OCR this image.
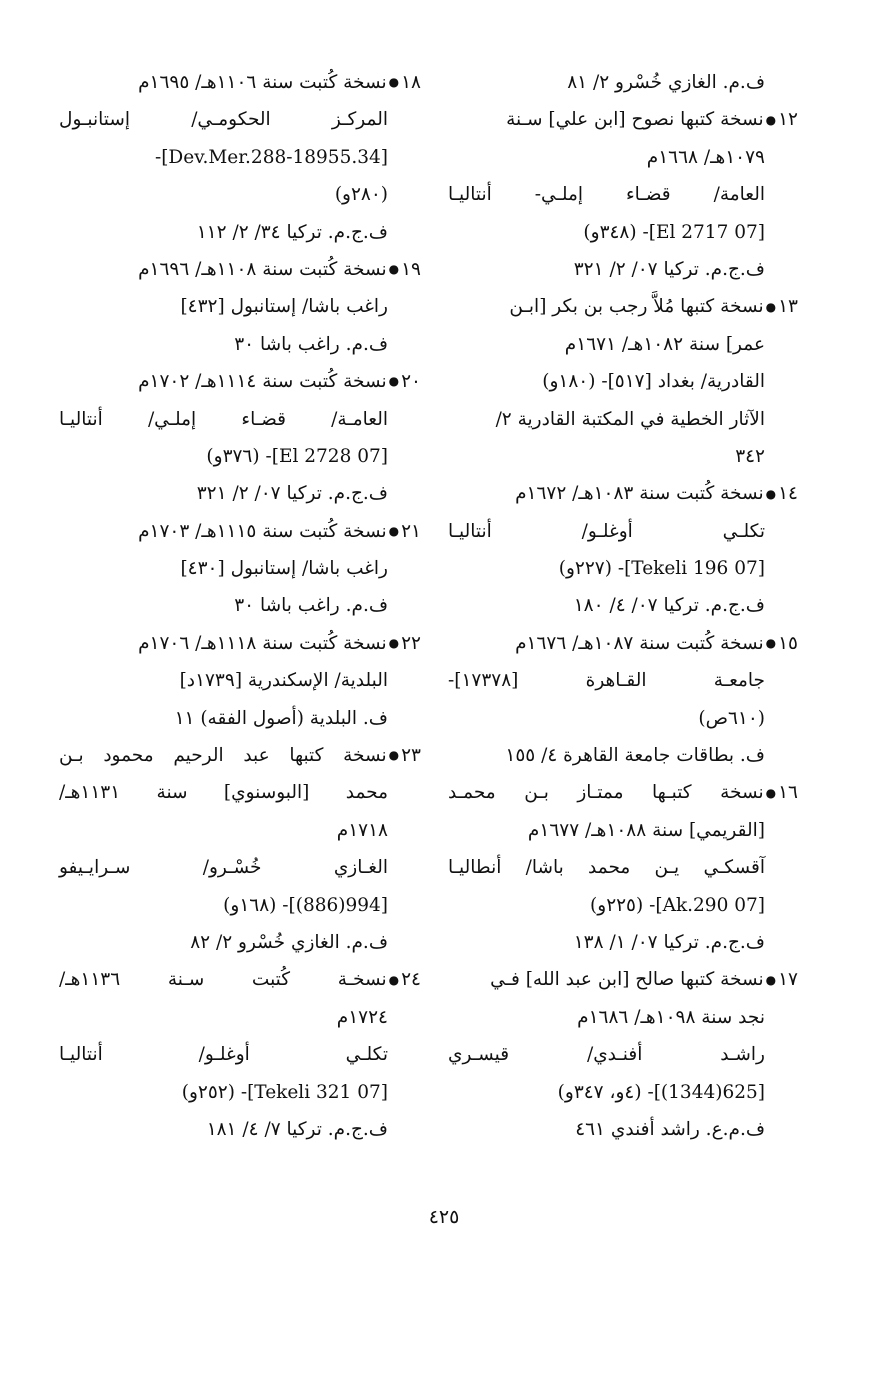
ف.م. الغازي خُسْرو ٢/ ٨١
١٢●نسخة كتبها نصوح [ابن علي] سـنة
١٠٧٩هـ/ ١٦٦٨م
العامة/ قضـاء إملـي- أنتاليـا
[07 El 2717]- (٣٤٨و)
ف.ج.م. تركيا ٠٧/ ٢/ ٣٢١
١٣●نسخة كتبها مُلاَّ رجب بن بكر [ابـن
عمر] سنة ١٠٨٢هـ/ ١٦٧١م
القادرية/ بغداد [٥١٧]- (١٨٠و)
الآثار الخطية في المكتبة القادرية ٢/
٣٤٢
١٤●نسخة كُتبت سنة ١٠٨٣هـ/ ١٦٧٢م
تكلـي أوغلـو/ أنتاليـا
[07 Tekeli 196]- (٢٢٧و)
ف.ج.م. تركيا ٠٧/ ٤/ ١٨٠
١٥●نسخة كُتبت سنة ١٠٨٧هـ/ ١٦٧٦م
جامعـة القـاهرة [١٧٣٧٨]-
(٦١٠ص)
ف. بطاقات جامعة القاهرة ٤/ ١٥٥
١٦●نسخة كتبـها ممتـاز بـن محمـد
[القريمي] سنة ١٠٨٨هـ/ ١٦٧٧م
آقسكـي يـن محمد باشا/ أنطاليـا
[07 Ak.290]- (٢٢٥و)
ف.ج.م. تركيا ٠٧/ ١/ ١٣٨
١٧●نسخة كتبها صالح [ابن عبد الله] فـي
نجد سنة ١٠٩٨هـ/ ١٦٨٦م
راشـد أفنـدي/ قيسـري
[625(1344)]- (٤و، ٣٤٧و)
ف.م.ع. راشد أفندي ٤٦١
١٨●نسخة كُتبت سنة ١١٠٦هـ/ ١٦٩٥م
المركـز الحكومـي/ إستانبـول
[34.Dev.Mer.288-18955]-
(٢٨٠و)
ف.ج.م. تركيا ٣٤/ ٢/ ١١٢
١٩●نسخة كُتبت سنة ١١٠٨هـ/ ١٦٩٦م
راغب باشا/ إستانبول [٤٣٢]
ف.م. راغب باشا ٣٠
٢٠●نسخة كُتبت سنة ١١١٤هـ/ ١٧٠٢م
العامـة/ قضـاء إملـي/ أنتاليـا
[07 El 2728]- (٣٧٦و)
ف.ج.م. تركيا ٠٧/ ٢/ ٣٢١
٢١●نسخة كُتبت سنة ١١١٥هـ/ ١٧٠٣م
راغب باشا/ إستانبول [٤٣٠]
ف.م. راغب باشا ٣٠
٢٢●نسخة كُتبت سنة ١١١٨هـ/ ١٧٠٦م
البلدية/ الإسكندرية [١٧٣٩د]
ف. البلدية (أصول الفقه) ١١
٢٣●نسخة كتبها عبد الرحيم محمود بـن
محمد [البوسنوي] سنة ١١٣١هـ/
١٧١٨م
الغـازي خُسْـرو/ سـرايـيفو
[994(886)]- (١٦٨و)
ف.م. الغازي خُسْرو ٢/ ٨٢
٢٤●نسخـة كُتبت سـنة ١١٣٦هـ/
١٧٢٤م
تكلـي أوغلـو/ أنتاليـا
[07 Tekeli 321]- (٢٥٢و)
ف.ج.م. تركيا ٧/ ٤/ ١٨١
٤٢٥
